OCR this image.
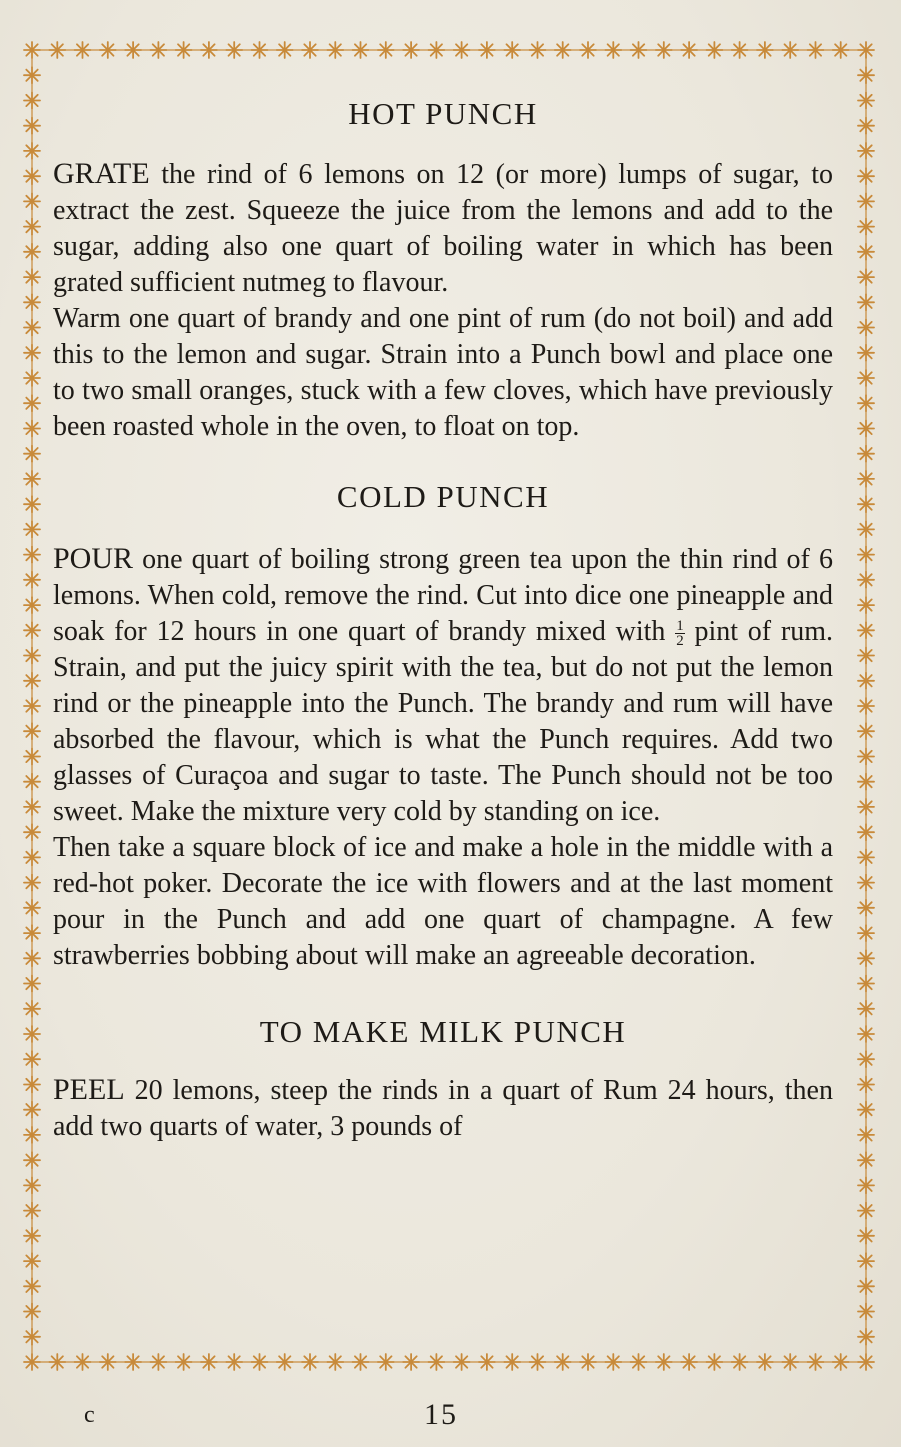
HOT PUNCH

GRATE the rind of 6 lemons on 12 (or more) lumps of sugar, to extract the zest. Squeeze the juice from the lemons and add to the sugar, adding also one quart of boiling water in which has been grated sufficient nutmeg to flavour.

Warm one quart of brandy and one pint of rum (do not boil) and add this to the lemon and sugar. Strain into a Punch bowl and place one to two small oranges, stuck with a few cloves, which have previously been roasted whole in the oven, to float on top.

COLD PUNCH

POUR one quart of boiling strong green tea upon the thin rind of 6 lemons. When cold, remove the rind. Cut into dice one pineapple and soak for 12 hours in one quart of brandy mixed with $\frac{1}{2}$ pint of rum. Strain, and put the juicy spirit with the tea, but do not put the lemon rind or the pineapple into the Punch. The brandy and rum will have absorbed the flavour, which is what the Punch requires. Add two glasses of Curaçoa and sugar to taste. The Punch should not be too sweet. Make the mixture very cold by standing on ice.

Then take a square block of ice and make a hole in the middle with a red-hot poker. Decorate the ice with flowers and at the last moment pour in the Punch and add one quart of champagne. A few strawberries bobbing about will make an agreeable decoration.

TO MAKE MILK PUNCH

PEEL 20 lemons, steep the rinds in a quart of Rum 24 hours, then add two quarts of water, 3 pounds of

c	15
